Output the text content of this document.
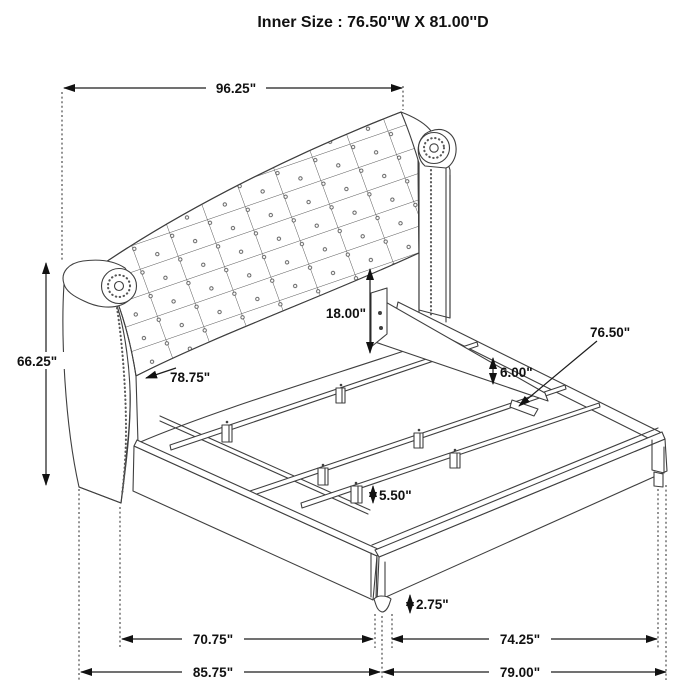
Inner Size : 76.50''W X 81.00''D
96.25"
66.25"
18.00"
78.75"
76.50"
6.00"
5.50"
2.75"
70.75"	74.25"
85.75"	79.00"
